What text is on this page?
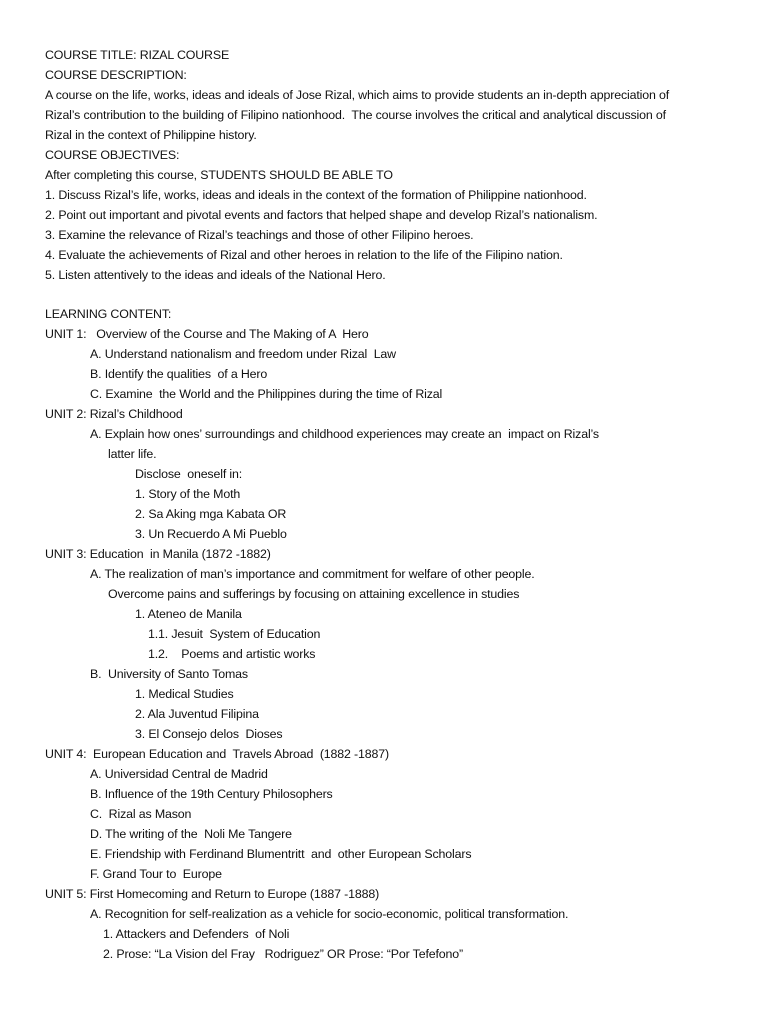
COURSE TITLE: RIZAL COURSE
COURSE DESCRIPTION:
A course on the life, works, ideas and ideals of Jose Rizal, which aims to provide students an in-depth appreciation of
Rizal’s contribution to the building of Filipino nationhood.  The course involves the critical and analytical discussion of
Rizal in the context of Philippine history.
COURSE OBJECTIVES:
After completing this course, STUDENTS SHOULD BE ABLE TO
1. Discuss Rizal’s life, works, ideas and ideals in the context of the formation of Philippine nationhood.
2. Point out important and pivotal events and factors that helped shape and develop Rizal’s nationalism.
3. Examine the relevance of Rizal’s teachings and those of other Filipino heroes.
4. Evaluate the achievements of Rizal and other heroes in relation to the life of the Filipino nation.
5. Listen attentively to the ideas and ideals of the National Hero.
LEARNING CONTENT:
UNIT 1:   Overview of the Course and The Making of A  Hero
A. Understand nationalism and freedom under Rizal  Law
B. Identify the qualities  of a Hero
C. Examine  the World and the Philippines during the time of Rizal
UNIT 2: Rizal’s Childhood
A. Explain how ones’ surroundings and childhood experiences may create an  impact on Rizal’s
latter life.
Disclose  oneself in:
1. Story of the Moth
2. Sa Aking mga Kabata OR
3. Un Recuerdo A Mi Pueblo
UNIT 3: Education  in Manila (1872 -1882)
A. The realization of man’s importance and commitment for welfare of other people.
Overcome pains and sufferings by focusing on attaining excellence in studies
1. Ateneo de Manila
1.1. Jesuit  System of Education
1.2.    Poems and artistic works
B.  University of Santo Tomas
1. Medical Studies
2. Ala Juventud Filipina
3. El Consejo delos  Dioses
UNIT 4:  European Education and  Travels Abroad  (1882 -1887)
A. Universidad Central de Madrid
B. Influence of the 19th Century Philosophers
C.  Rizal as Mason
D. The writing of the  Noli Me Tangere
E. Friendship with Ferdinand Blumentritt  and  other European Scholars
F. Grand Tour to  Europe
UNIT 5: First Homecoming and Return to Europe (1887 -1888)
A. Recognition for self-realization as a vehicle for socio-economic, political transformation.
1. Attackers and Defenders  of Noli
2. Prose: “La Vision del Fray   Rodriguez” OR Prose: “Por Tefefono”
